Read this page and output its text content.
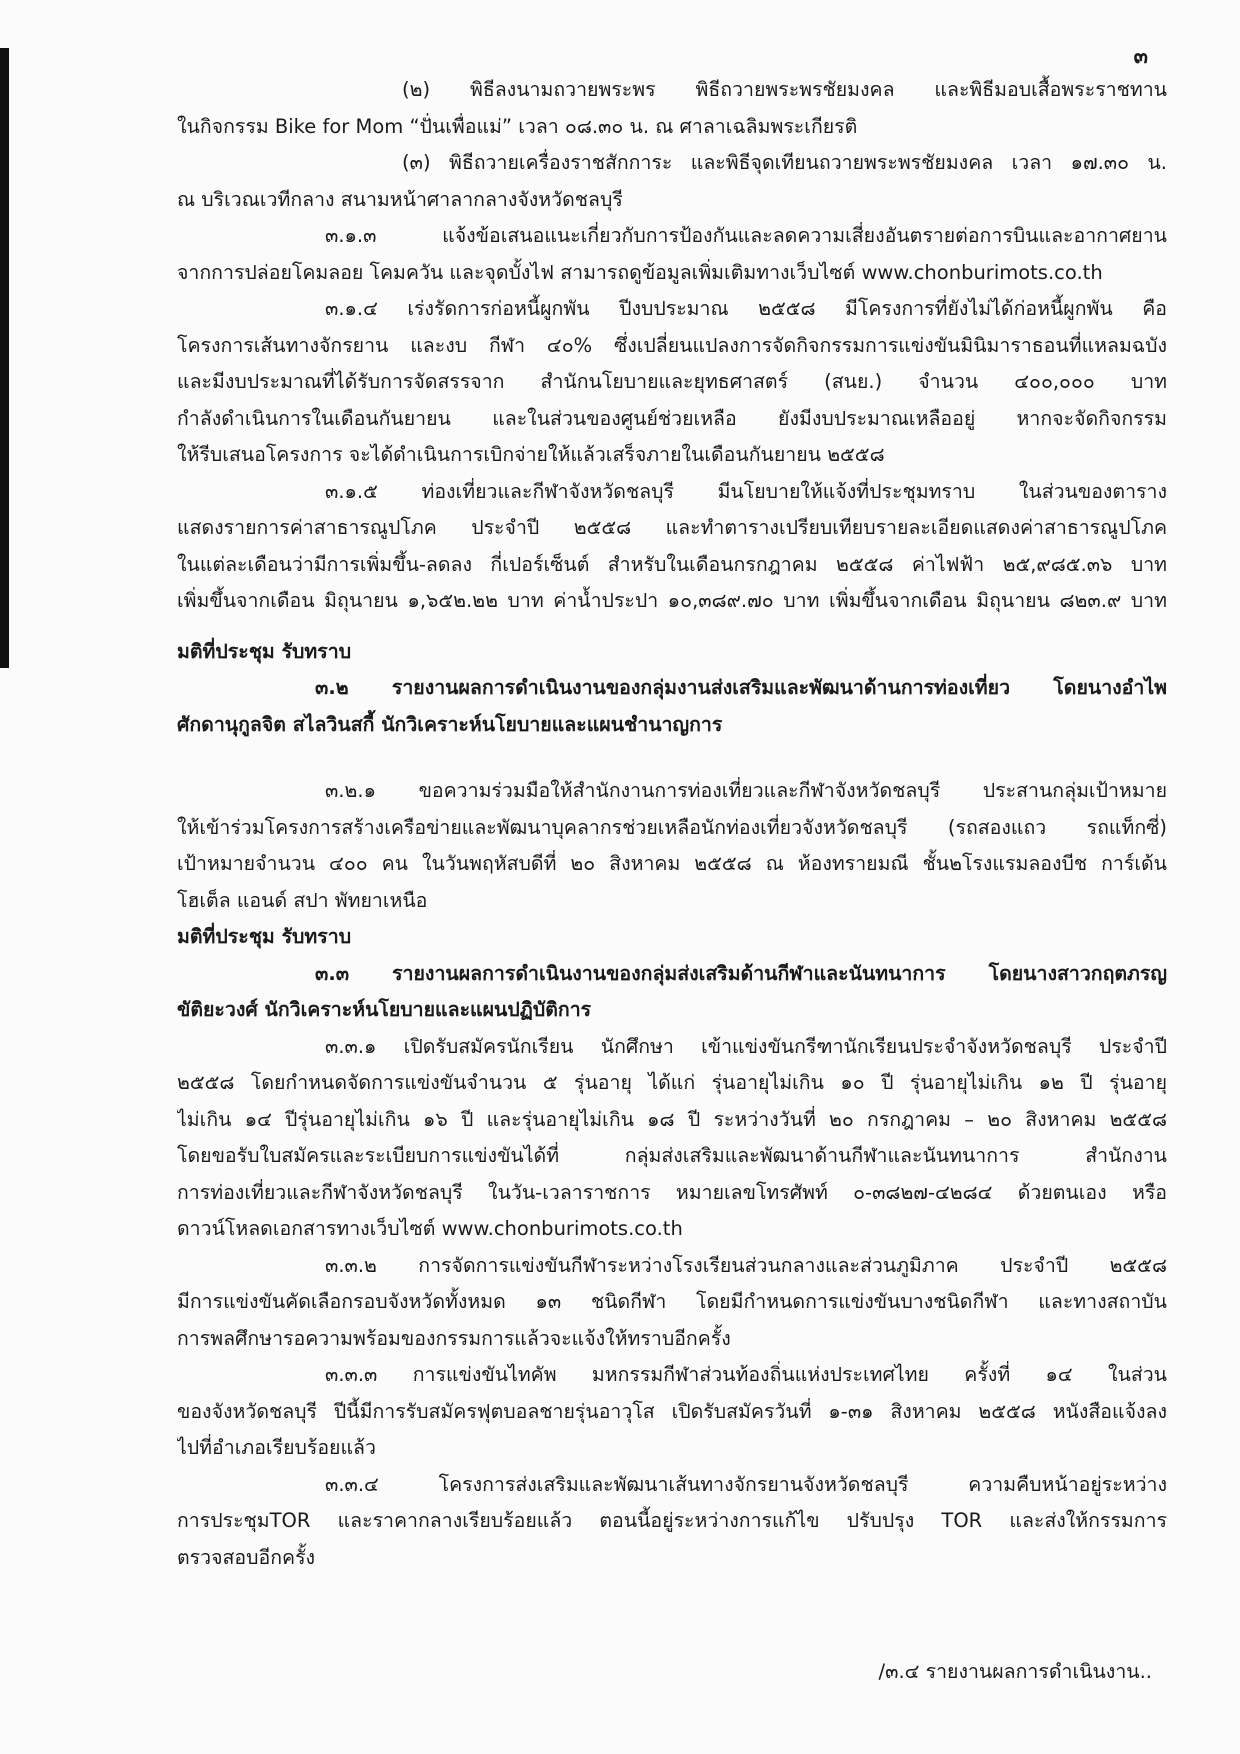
๓
(๒) พิธีลงนามถวายพระพร พิธีถวายพระพรชัยมงคล และพิธีมอบเสื้อพระราชทาน
ในกิจกรรม Bike for Mom “ปั่นเพื่อแม่” เวลา ๐๘.๓๐ น. ณ ศาลาเฉลิมพระเกียรติ
(๓) พิธีถวายเครื่องราชสักการะ และพิธีจุดเทียนถวายพระพรชัยมงคล เวลา ๑๗.๓๐ น.
ณ บริเวณเวทีกลาง สนามหน้าศาลากลางจังหวัดชลบุรี
๓.๑.๓ แจ้งข้อเสนอแนะเกี่ยวกับการป้องกันและลดความเสี่ยงอันตรายต่อการบินและอากาศยาน
จากการปล่อยโคมลอย โคมควัน และจุดบั้งไฟ สามารถดูข้อมูลเพิ่มเติมทางเว็บไซต์ www.chonburimots.co.th
๓.๑.๔ เร่งรัดการก่อหนี้ผูกพัน ปีงบประมาณ ๒๕๕๘ มีโครงการที่ยังไม่ได้ก่อหนี้ผูกพัน คือ
โครงการเส้นทางจักรยาน และงบ กีฬา ๔๐% ซึ่งเปลี่ยนแปลงการจัดกิจกรรมการแข่งขันมินิมาราธอนที่แหลมฉบัง
และมีงบประมาณที่ได้รับการจัดสรรจาก สำนักนโยบายและยุทธศาสตร์ (สนย.) จำนวน ๔๐๐,๐๐๐ บาท
กำลังดำเนินการในเดือนกันยายน และในส่วนของศูนย์ช่วยเหลือ ยังมีงบประมาณเหลืออยู่ หากจะจัดกิจกรรม
ให้รีบเสนอโครงการ จะได้ดำเนินการเบิกจ่ายให้แล้วเสร็จภายในเดือนกันยายน ๒๕๕๘
๓.๑.๕ ท่องเที่ยวและกีฬาจังหวัดชลบุรี มีนโยบายให้แจ้งที่ประชุมทราบ ในส่วนของตาราง
แสดงรายการค่าสาธารณูปโภค ประจำปี ๒๕๕๘ และทำตารางเปรียบเทียบรายละเอียดแสดงค่าสาธารณูปโภค
ในแต่ละเดือนว่ามีการเพิ่มขึ้น-ลดลง กี่เปอร์เซ็นต์ สำหรับในเดือนกรกฎาคม ๒๕๕๘ ค่าไฟฟ้า ๒๕,๙๘๕.๓๖ บาท
เพิ่มขึ้นจากเดือน มิถุนายน ๑,๖๕๒.๒๒ บาท ค่าน้ำประปา ๑๐,๓๘๙.๗๐ บาท เพิ่มขึ้นจากเดือน มิถุนายน ๘๒๓.๙ บาท
มติที่ประชุม รับทราบ
๓.๒ รายงานผลการดำเนินงานของกลุ่มงานส่งเสริมและพัฒนาด้านการท่องเที่ยว โดยนางอำไพ
ศักดานุกูลจิต สไลวินสกี้ นักวิเคราะห์นโยบายและแผนชำนาญการ
๓.๒.๑ ขอความร่วมมือให้สำนักงานการท่องเที่ยวและกีฬาจังหวัดชลบุรี ประสานกลุ่มเป้าหมาย
ให้เข้าร่วมโครงการสร้างเครือข่ายและพัฒนาบุคลากรช่วยเหลือนักท่องเที่ยวจังหวัดชลบุรี (รถสองแถว รถแท็กซี่)
เป้าหมายจำนวน ๔๐๐ คน ในวันพฤหัสบดีที่ ๒๐ สิงหาคม ๒๕๕๘ ณ ห้องทรายมณี ชั้น๒โรงแรมลองบีช การ์เด้น
โฮเต็ล แอนด์ สปา พัทยาเหนือ
มติที่ประชุม รับทราบ
๓.๓ รายงานผลการดำเนินงานของกลุ่มส่งเสริมด้านกีฬาและนันทนาการ โดยนางสาวกฤตภรญ
ขัติยะวงศ์ นักวิเคราะห์นโยบายและแผนปฏิบัติการ
๓.๓.๑ เปิดรับสมัครนักเรียน นักศึกษา เข้าแข่งขันกรีฑานักเรียนประจำจังหวัดชลบุรี ประจำปี
๒๕๕๘ โดยกำหนดจัดการแข่งขันจำนวน ๕ รุ่นอายุ ได้แก่ รุ่นอายุไม่เกิน ๑๐ ปี รุ่นอายุไม่เกิน ๑๒ ปี รุ่นอายุ
ไม่เกิน ๑๔ ปีรุ่นอายุไม่เกิน ๑๖ ปี และรุ่นอายุไม่เกิน ๑๘ ปี ระหว่างวันที่ ๒๐ กรกฎาคม – ๒๐ สิงหาคม ๒๕๕๘
โดยขอรับใบสมัครและระเบียบการแข่งขันได้ที่ กลุ่มส่งเสริมและพัฒนาด้านกีฬาและนันทนาการ สำนักงาน
การท่องเที่ยวและกีฬาจังหวัดชลบุรี ในวัน-เวลาราชการ หมายเลขโทรศัพท์ ๐-๓๘๒๗-๔๒๘๔ ด้วยตนเอง หรือ
ดาวน์โหลดเอกสารทางเว็บไซต์ www.chonburimots.co.th
๓.๓.๒ การจัดการแข่งขันกีฬาระหว่างโรงเรียนส่วนกลางและส่วนภูมิภาค ประจำปี ๒๕๕๘
มีการแข่งขันคัดเลือกรอบจังหวัดทั้งหมด ๑๓ ชนิดกีฬา โดยมีกำหนดการแข่งขันบางชนิดกีฬา และทางสถาบัน
การพลศึกษารอความพร้อมของกรรมการแล้วจะแจ้งให้ทราบอีกครั้ง
๓.๓.๓ การแข่งขันไทคัพ มหกรรมกีฬาส่วนท้องถิ่นแห่งประเทศไทย ครั้งที่ ๑๔ ในส่วน
ของจังหวัดชลบุรี ปีนี้มีการรับสมัครฟุตบอลชายรุ่นอาวุโส เปิดรับสมัครวันที่ ๑-๓๑ สิงหาคม ๒๕๕๘ หนังสือแจ้งลง
ไปที่อำเภอเรียบร้อยแล้ว
๓.๓.๔ โครงการส่งเสริมและพัฒนาเส้นทางจักรยานจังหวัดชลบุรี ความคืบหน้าอยู่ระหว่าง
การประชุมTOR และราคากลางเรียบร้อยแล้ว ตอนนี้อยู่ระหว่างการแก้ไข ปรับปรุง TOR และส่งให้กรรมการ
ตรวจสอบอีกครั้ง
/๓.๔ รายงานผลการดำเนินงาน..
